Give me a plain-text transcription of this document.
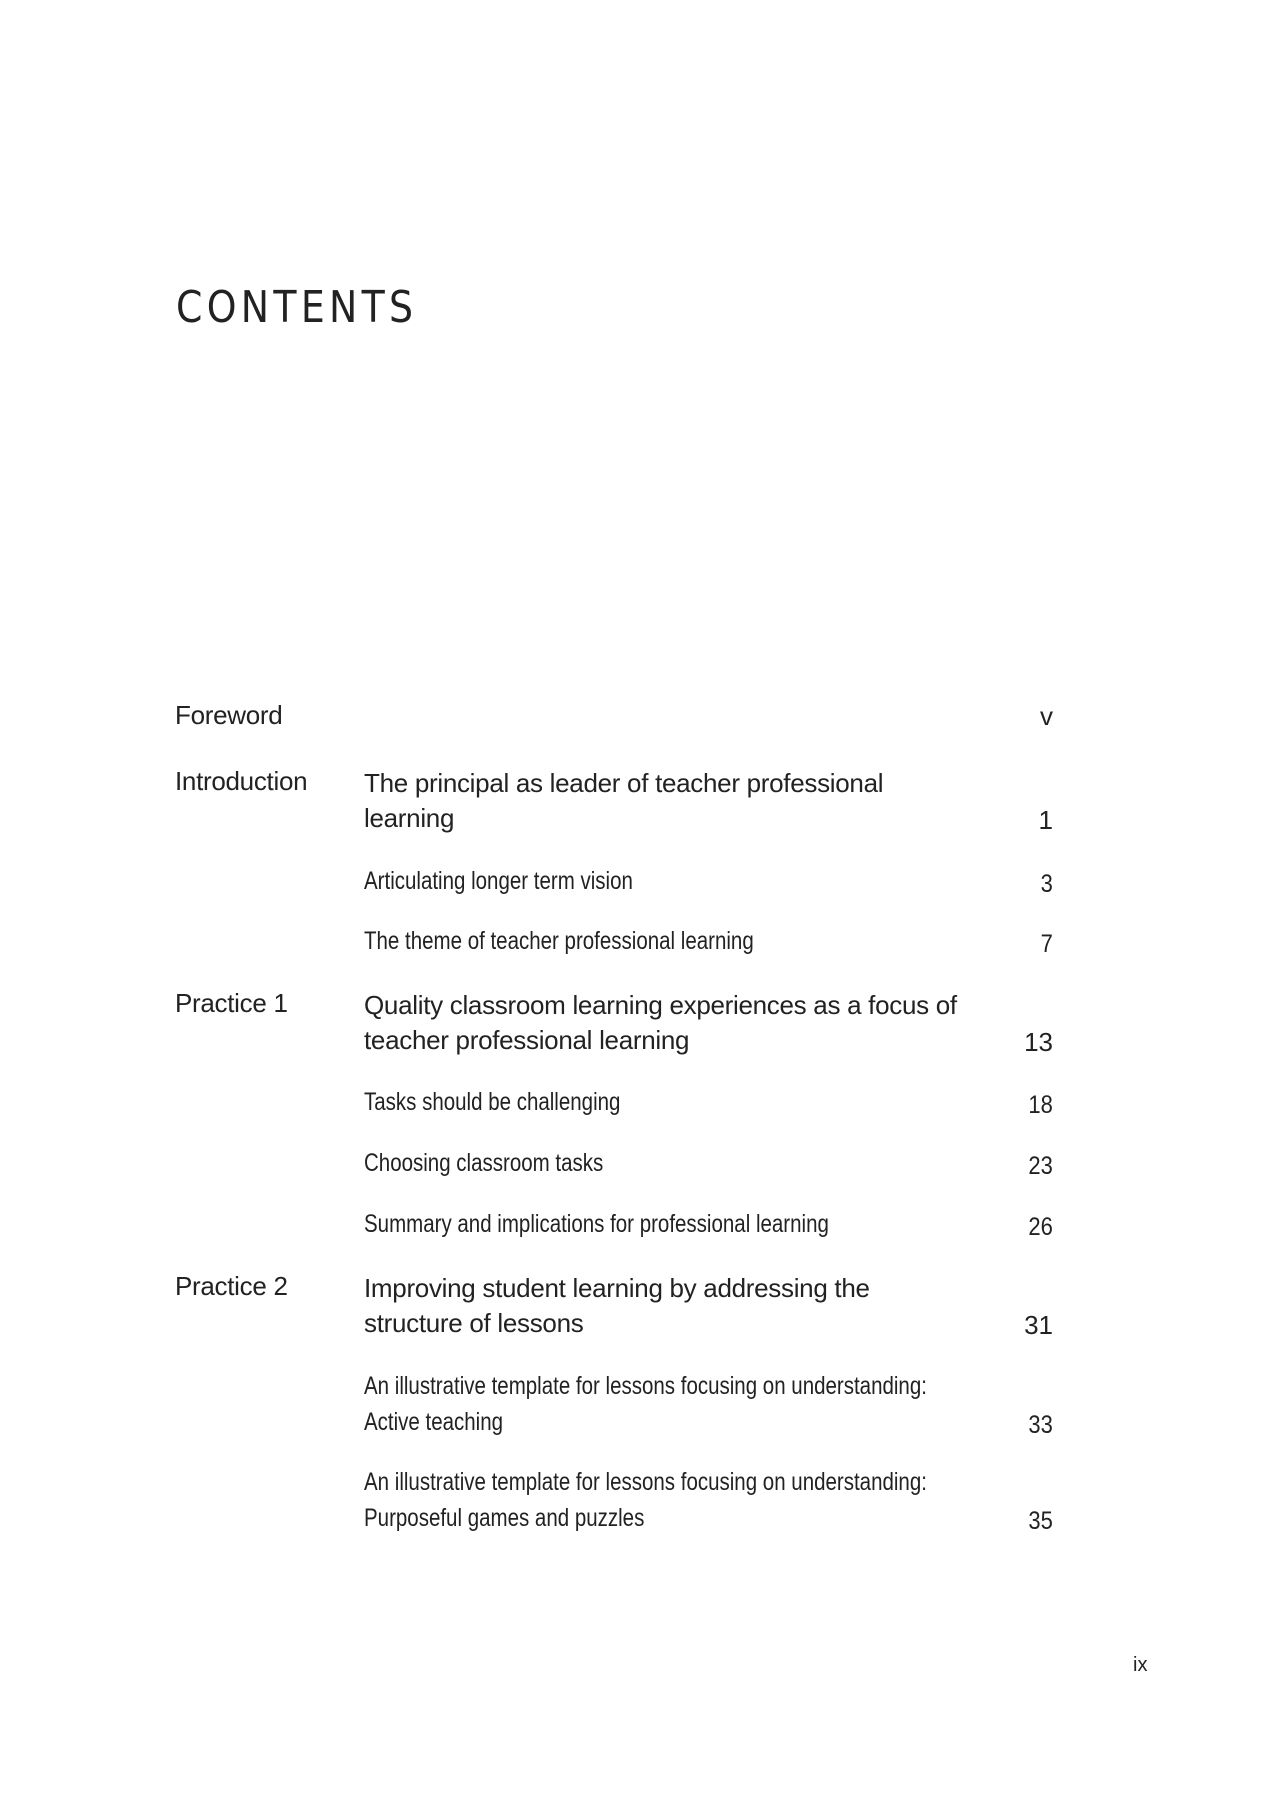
CONTENTS
Foreword	v
Introduction The principal as leader of teacher professional
learning	1
Articulating longer term vision	3
The theme of teacher professional learning	7
Practice 1	Quality classroom learning experiences as a focus of
teacher professional learning	13
Tasks should be challenging	18
Choosing classroom tasks	23
Summary and implications for professional learning	26
Practice 2	Improving student learning by addressing the
structure of lessons	31
An illustrative template for lessons focusing on understanding:
Active teaching	33
An illustrative template for lessons focusing on understanding:
Purposeful games and puzzles	35
ix
